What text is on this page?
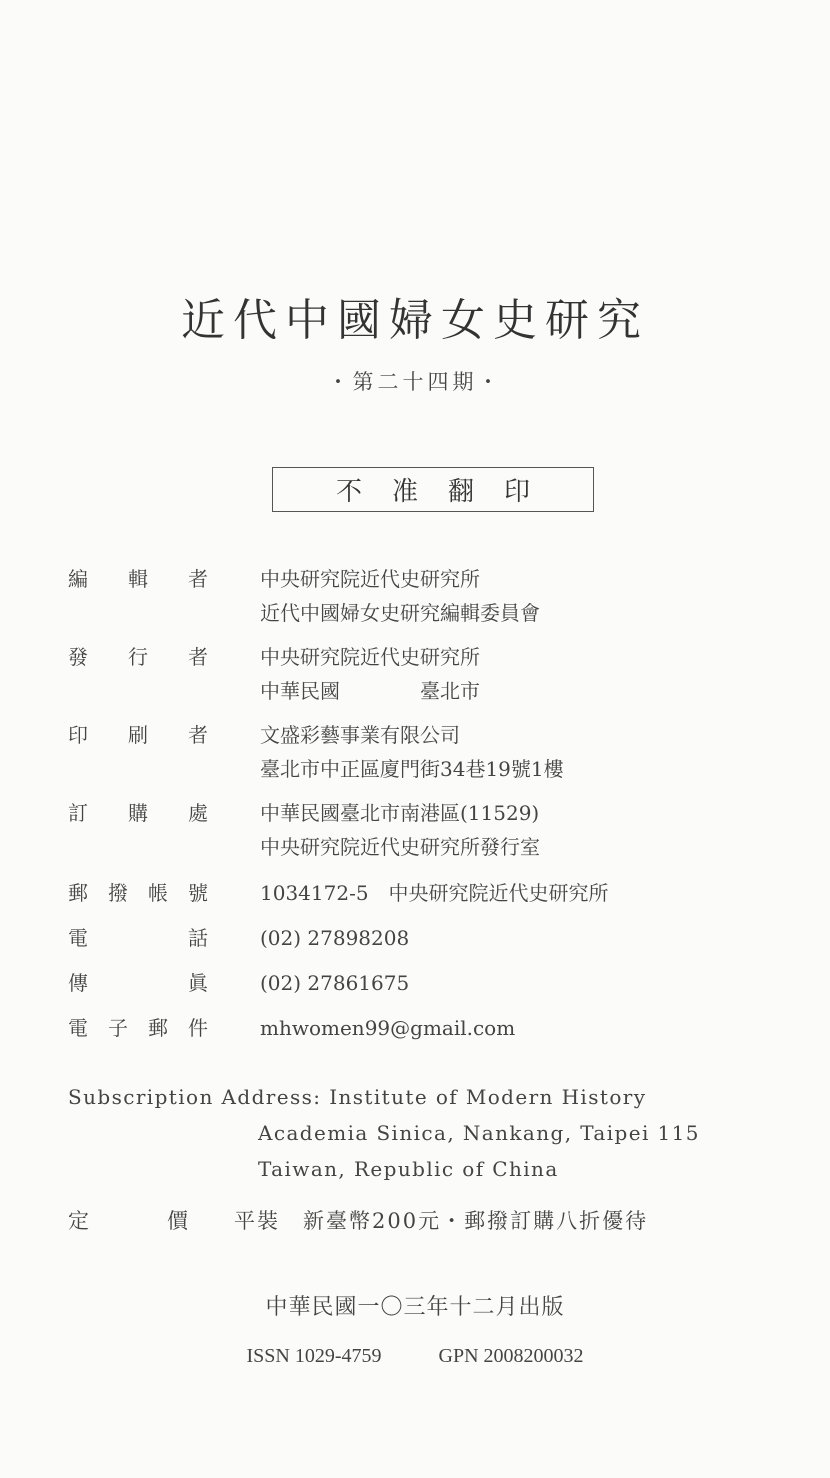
近代中國婦女史研究
・第二十四期・
不准翻印
編 輯 者	中央研究院近代史研究所
近代中國婦女史研究編輯委員會
發 行 者	中央研究院近代史研究所
中華民國　　　　臺北市
印 刷 者	文盛彩藝事業有限公司
臺北市中正區廈門街34巷19號1樓
訂 購 處	中華民國臺北市南港區(11529)
中央研究院近代史研究所發行室
郵 撥 帳 號	1034172-5　中央研究院近代史研究所
電	話	(02) 27898208
傳	眞	(02) 27861675
電 子 郵 件	mhwomen99@gmail.com
Subscription Address: Institute of Modern History
Academia Sinica, Nankang, Taipei 115
Taiwan, Republic of China
定	價 平裝　新臺幣200元・郵撥訂購八折優待
中華民國一〇三年十二月出版
ISSN 1029-4759	GPN 2008200032
